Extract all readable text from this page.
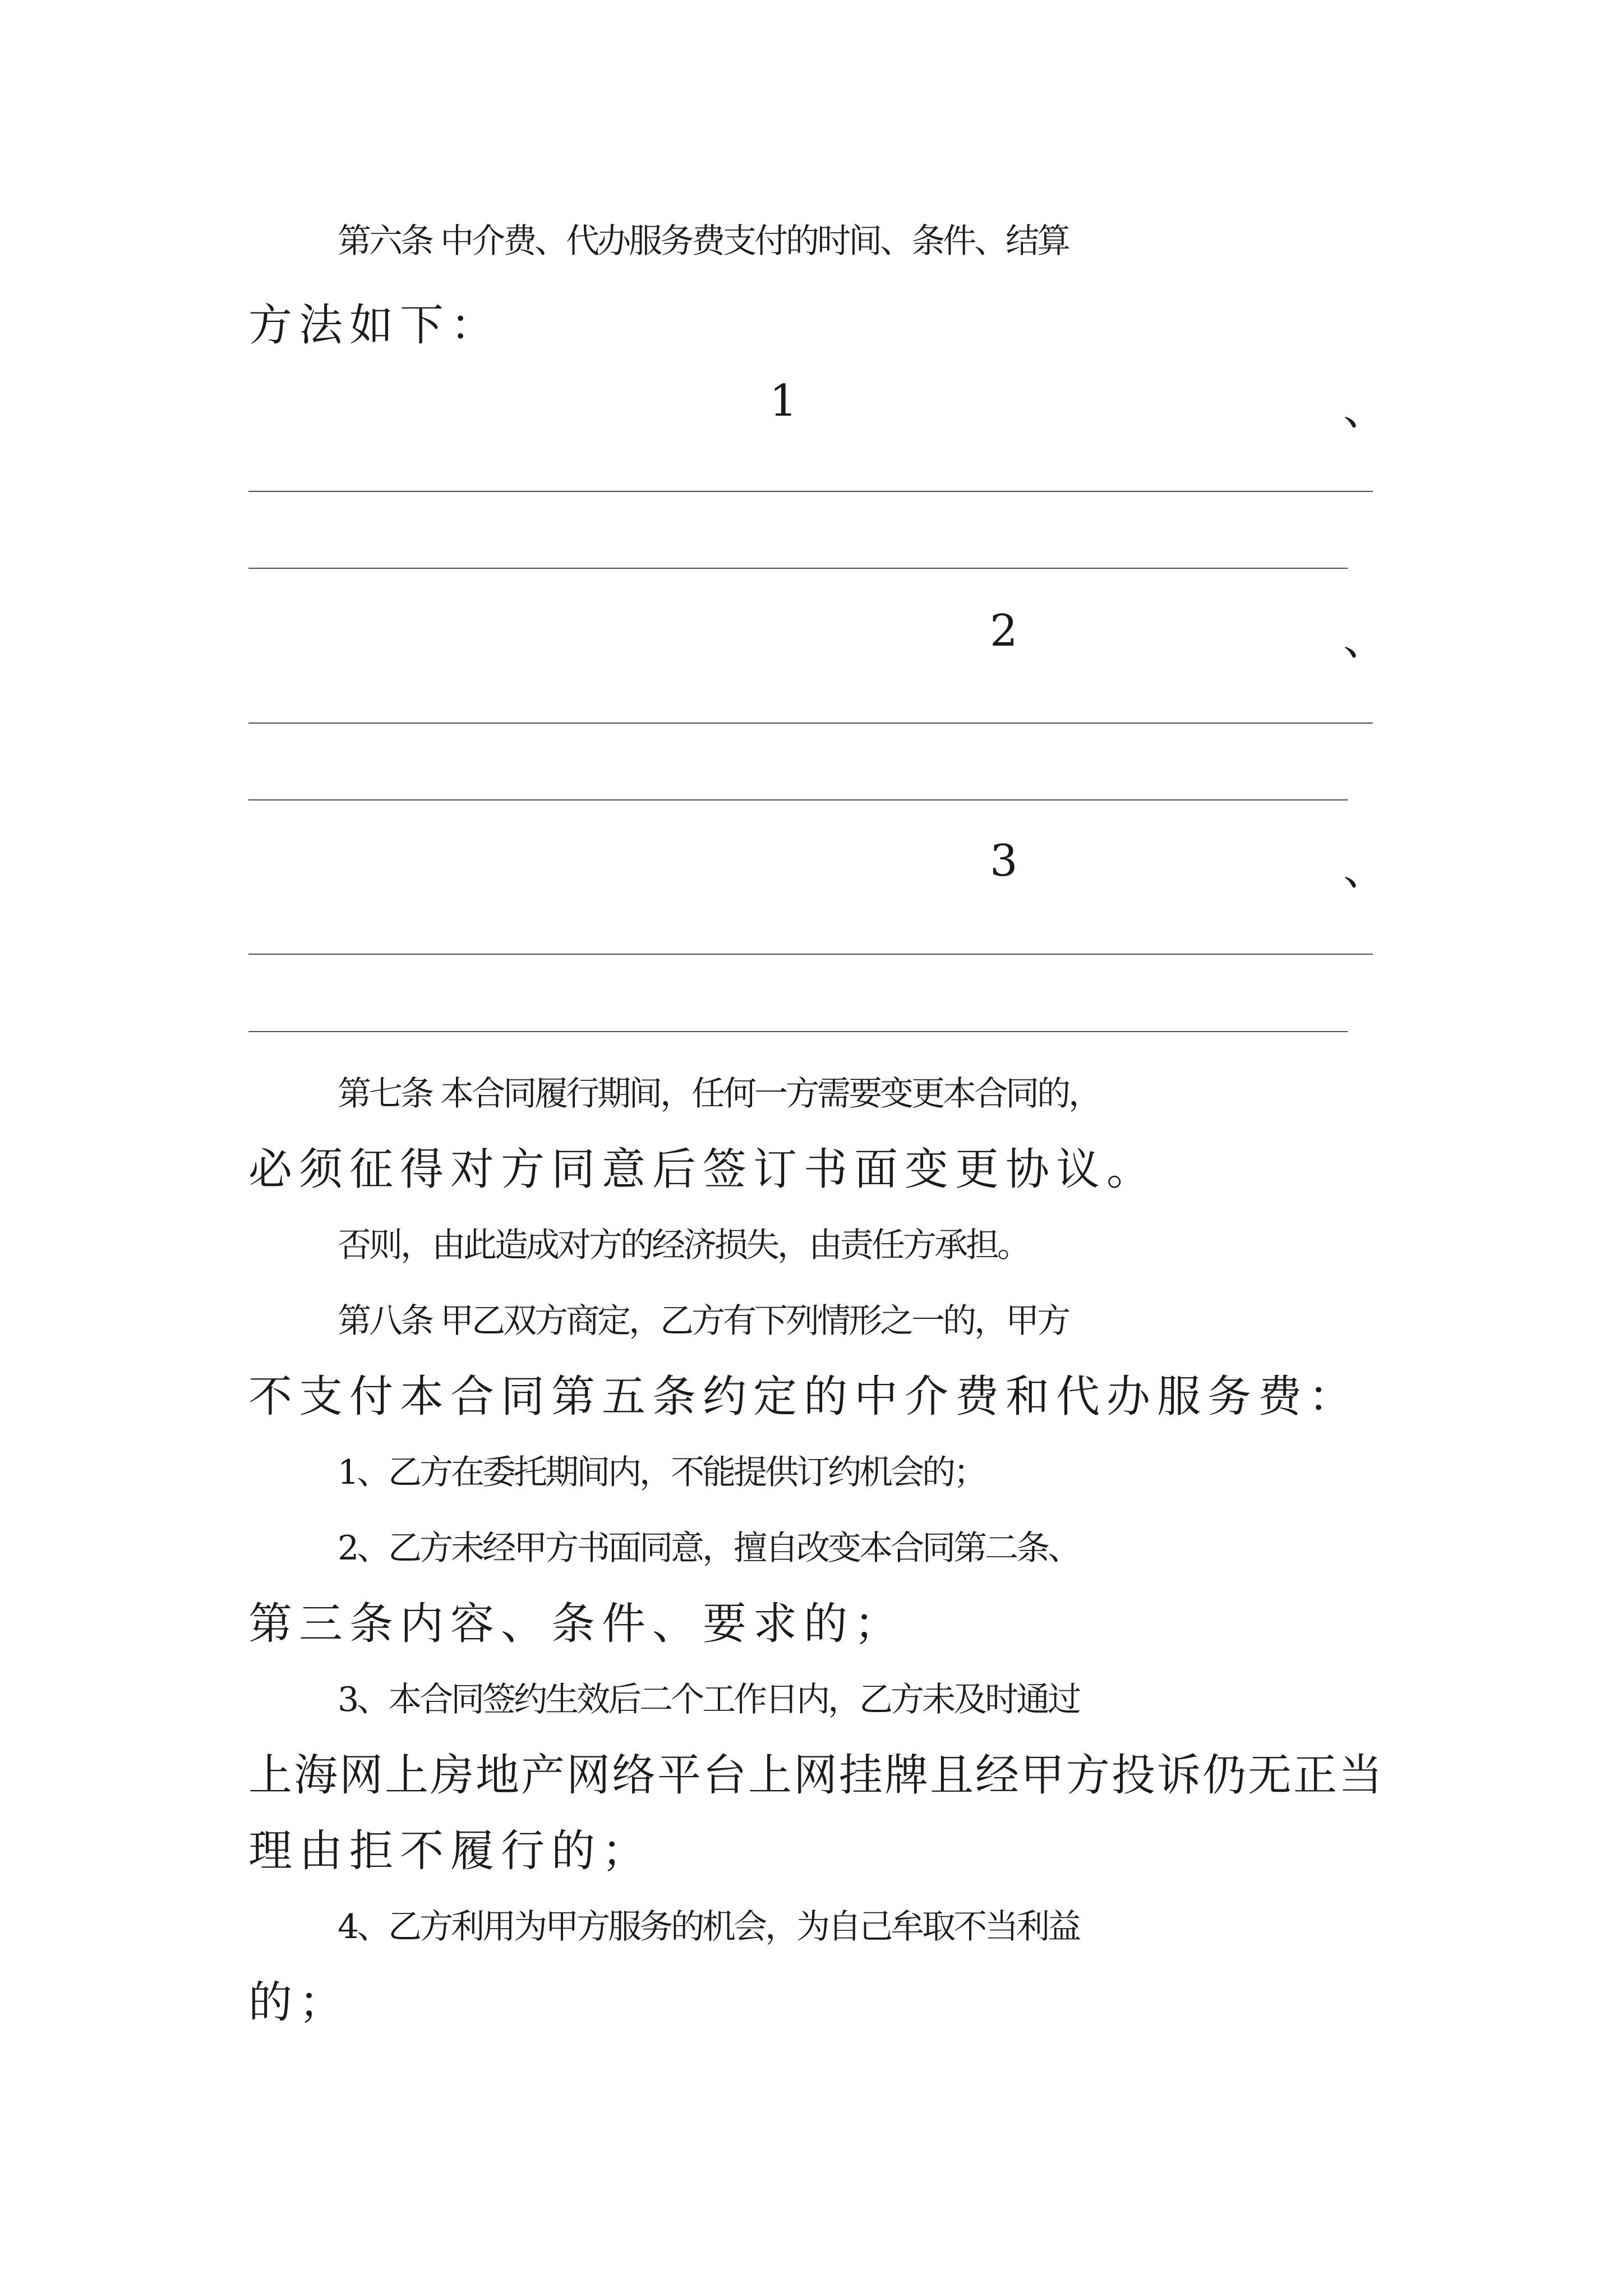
第六条 中介费、代办服务费支付的时间、条件、结算
方法如下：
1	、
2	、
3	、
第七条 本合同履行期间，任何一方需要变更本合同的，
必须征得对方同意后签订书面变更协议。
否则，由此造成对方的经济损失，由责任方承担。
第八条 甲乙双方商定，乙方有下列情形之一的，甲方
不支付本合同第五条约定的中介费和代办服务费：
1、乙方在委托期间内，不能提供订约机会的；
2、乙方未经甲方书面同意，擅自改变本合同第二条、
第三条内容、条件、要求的；
3、本合同签约生效后二个工作日内，乙方未及时通过
上海网上房地产网络平台上网挂牌且经甲方投诉仍无正当
理由拒不履行的；
4、乙方利用为甲方服务的机会，为自己牟取不当利益
的；
